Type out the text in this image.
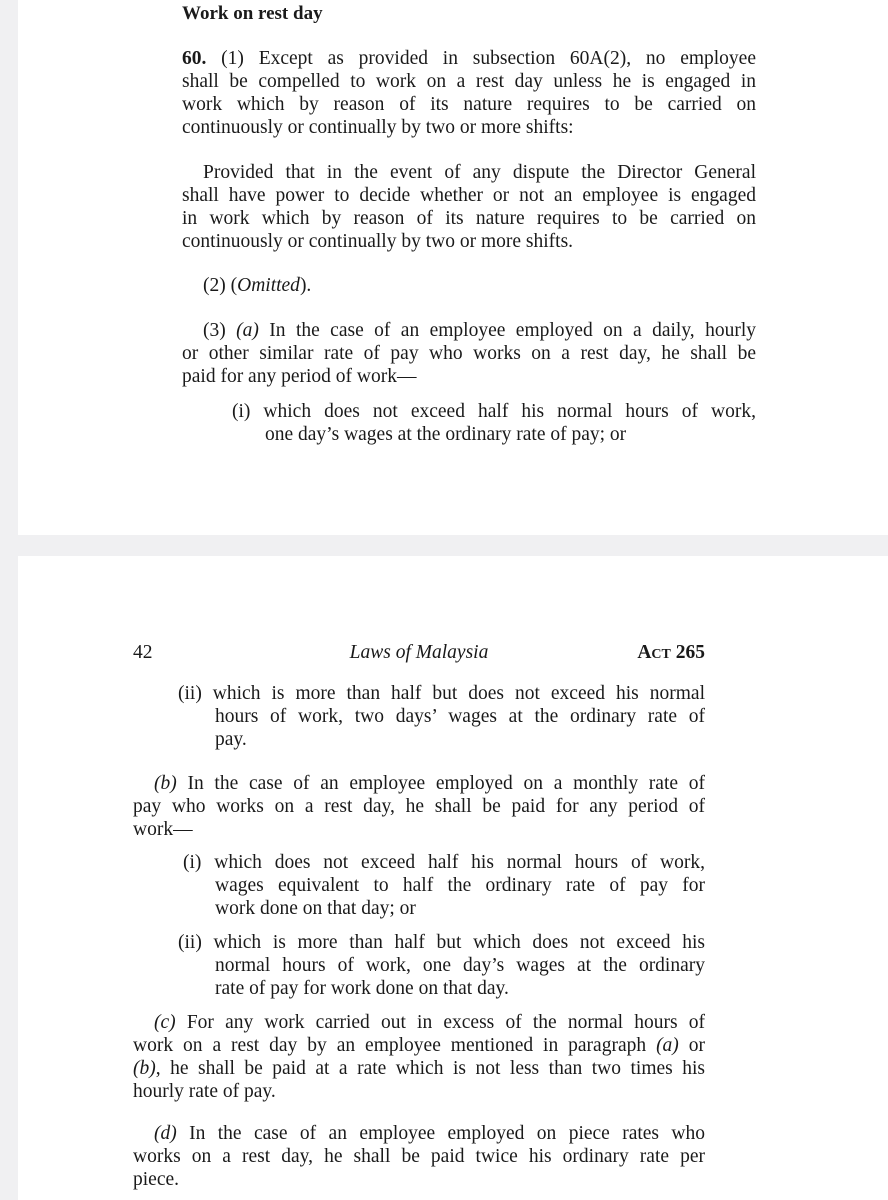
Work on rest day

60. (1) Except as provided in subsection 60A(2), no employee

shall be compelled to work on a rest day unless he is engaged in

work which by reason of its nature requires to be carried on

continuously or continually by two or more shifts:

Provided that in the event of any dispute the Director General

shall have power to decide whether or not an employee is engaged

in work which by reason of its nature requires to be carried on

continuously or continually by two or more shifts.

(2) (Omitted).

(3) (a) In the case of an employee employed on a daily, hourly

or other similar rate of pay who works on a rest day, he shall be

paid for any period of work—

(i) which does not exceed half his normal hours of work,

one day’s wages at the ordinary rate of pay; or

42	Laws of Malaysia	Act 265

(ii) which is more than half but does not exceed his normal

hours of work, two days’ wages at the ordinary rate of

pay.

(b) In the case of an employee employed on a monthly rate of

pay who works on a rest day, he shall be paid for any period of

work—

(i) which does not exceed half his normal hours of work,

wages equivalent to half the ordinary rate of pay for

work done on that day; or

(ii) which is more than half but which does not exceed his

normal hours of work, one day’s wages at the ordinary

rate of pay for work done on that day.

(c) For any work carried out in excess of the normal hours of

work on a rest day by an employee mentioned in paragraph (a) or

(b), he shall be paid at a rate which is not less than two times his

hourly rate of pay.

(d) In the case of an employee employed on piece rates who

works on a rest day, he shall be paid twice his ordinary rate per

piece.
